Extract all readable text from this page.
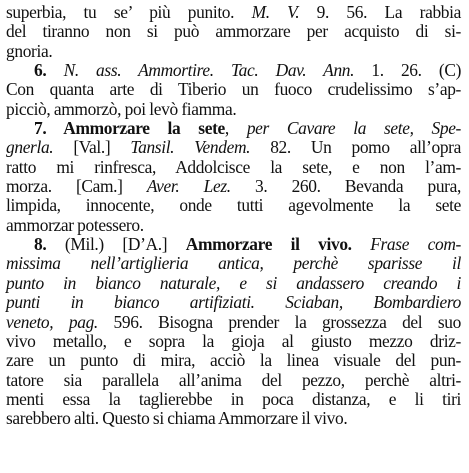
superbia, tu se’ più punito. M. V. 9. 56. La rabbia
del tiranno non si può ammorzare per acquisto di si-
gnoria.
6. N. ass. Ammortire. Tac. Dav. Ann. 1. 26. (C)
Con quanta arte di Tiberio un fuoco crudelissimo s’ap-
picciò, ammorzò, poi levò fiamma.
7. Ammorzare la sete, per Cavare la sete, Spe-
gnerla. [Val.] Tansil. Vendem. 82. Un pomo all’opra
ratto mi rinfresca, Addolcisce la sete, e non l’am-
morza. [Cam.] Aver. Lez. 3. 260. Bevanda pura,
limpida, innocente, onde tutti agevolmente la sete
ammorzar potessero.
8. (Mil.) [D’A.] Ammorzare il vivo. Frase com-
missima nell’artiglieria antica, perchè sparisse il
punto in bianco naturale, e si andassero creando i
punti in bianco artifiziati. Sciaban, Bombardiero
veneto, pag. 596. Bisogna prender la grossezza del suo
vivo metallo, e sopra la gioja al giusto mezzo driz-
zare un punto di mira, acciò la linea visuale del pun-
tatore sia parallela all’anima del pezzo, perchè altri-
menti essa la taglierebbe in poca distanza, e li tiri
sarebbero alti. Questo si chiama Ammorzare il vivo.
